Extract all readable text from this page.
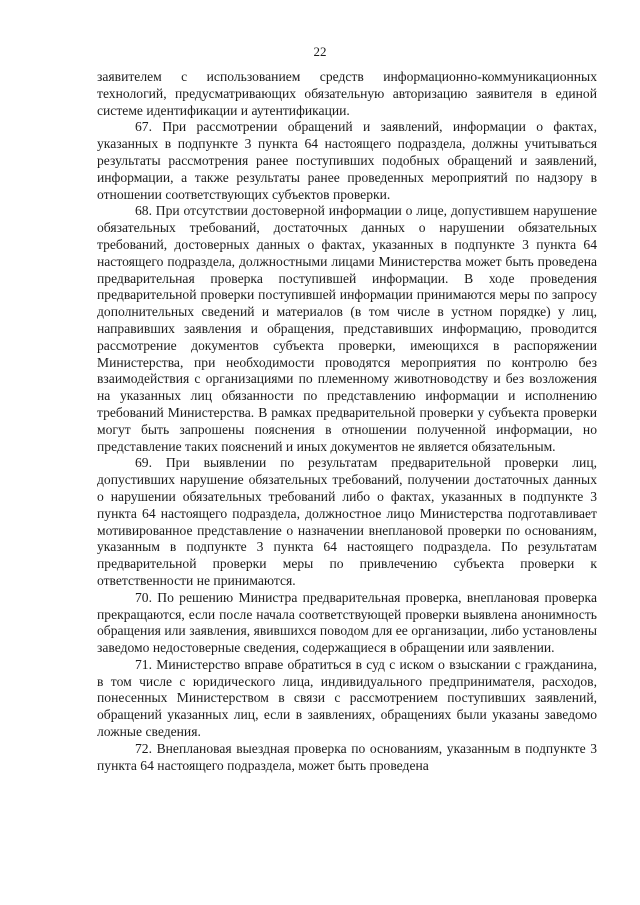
22

заявителем с использованием средств информационно-коммуникационных технологий, предусматривающих обязательную авторизацию заявителя в единой системе идентификации и аутентификации.

67. При рассмотрении обращений и заявлений, информации о фактах, указанных в подпункте 3 пункта 64 настоящего подраздела, должны учитываться результаты рассмотрения ранее поступивших подобных обращений и заявлений, информации, а также результаты ранее проведенных мероприятий по надзору в отношении соответствующих субъектов проверки.

68. При отсутствии достоверной информации о лице, допустившем нарушение обязательных требований, достаточных данных о нарушении обязательных требований, достоверных данных о фактах, указанных в подпункте 3 пункта 64 настоящего подраздела, должностными лицами Министерства может быть проведена предварительная проверка поступившей информации. В ходе проведения предварительной проверки поступившей информации принимаются меры по запросу дополнительных сведений и материалов (в том числе в устном порядке) у лиц, направивших заявления и обращения, представивших информацию, проводится рассмотрение документов субъекта проверки, имеющихся в распоряжении Министерства, при необходимости проводятся мероприятия по контролю без взаимодействия с организациями по племенному животноводству и без возложения на указанных лиц обязанности по представлению информации и исполнению требований Министерства. В рамках предварительной проверки у субъекта проверки могут быть запрошены пояснения в отношении полученной информации, но представление таких пояснений и иных документов не является обязательным.

69. При выявлении по результатам предварительной проверки лиц, допустивших нарушение обязательных требований, получении достаточных данных о нарушении обязательных требований либо о фактах, указанных в подпункте 3 пункта 64 настоящего подраздела, должностное лицо Министерства подготавливает мотивированное представление о назначении внеплановой проверки по основаниям, указанным в подпункте 3 пункта 64 настоящего подраздела. По результатам предварительной проверки меры по привлечению субъекта проверки к ответственности не принимаются.

70. По решению Министра предварительная проверка, внеплановая проверка прекращаются, если после начала соответствующей проверки выявлена анонимность обращения или заявления, явившихся поводом для ее организации, либо установлены заведомо недостоверные сведения, содержащиеся в обращении или заявлении.

71. Министерство вправе обратиться в суд с иском о взыскании с гражданина, в том числе с юридического лица, индивидуального предпринимателя, расходов, понесенных Министерством в связи с рассмотрением поступивших заявлений, обращений указанных лиц, если в заявлениях, обращениях были указаны заведомо ложные сведения.

72. Внеплановая выездная проверка по основаниям, указанным в подпункте 3 пункта 64 настоящего подраздела, может быть проведена
